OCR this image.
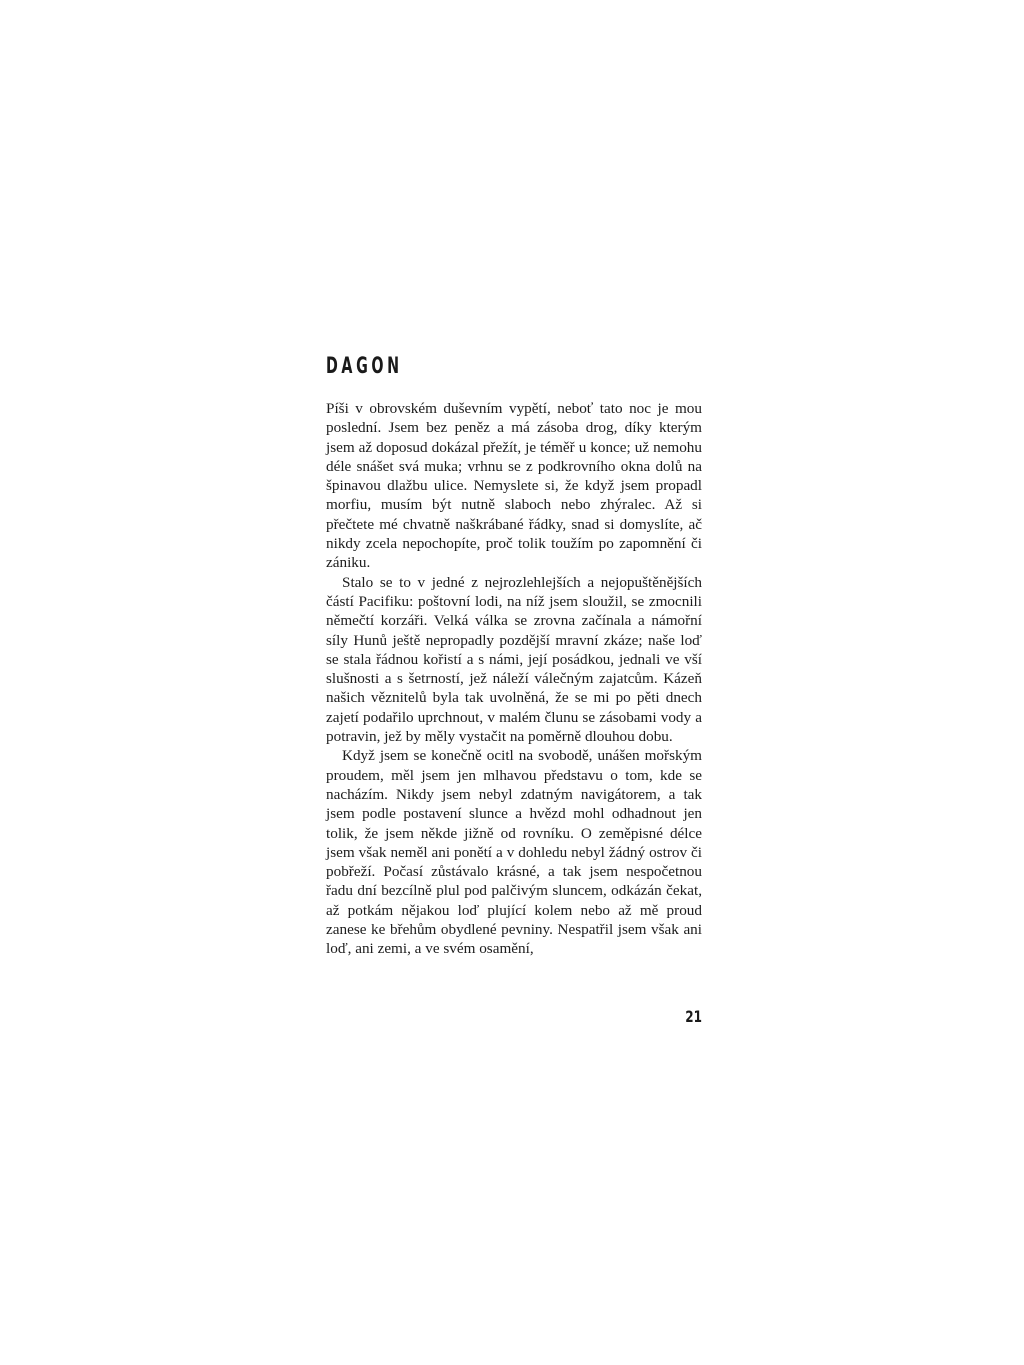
DAGON

Píši v obrovském duševním vypětí, neboť tato noc je mou poslední. Jsem bez peněz a má zásoba drog, díky kterým jsem až doposud dokázal přežít, je téměř u konce; už nemohu déle snášet svá muka; vrhnu se z podkrovního okna dolů na špinavou dlažbu ulice. Nemyslete si, že když jsem propadl morfiu, musím být nutně slaboch nebo zhýralec. Až si přečtete mé chvatně naškrábané řádky, snad si domyslíte, ač nikdy zcela nepochopíte, proč tolik toužím po zapomnění či zániku.

Stalo se to v jedné z nejrozlehlejších a nejopuštěnějších částí Pacifiku: poštovní lodi, na níž jsem sloužil, se zmocnili němečtí korzáři. Velká válka se zrovna začínala a námořní síly Hunů ještě nepropadly pozdější mravní zkáze; naše loď se stala řádnou kořistí a s námi, její posádkou, jednali ve vší slušnosti a s šetrností, jež náleží válečným zajatcům. Kázeň našich věznitelů byla tak uvolněná, že se mi po pěti dnech zajetí podařilo uprchnout, v malém člunu se zásobami vody a potravin, jež by měly vystačit na poměrně dlouhou dobu.

Když jsem se konečně ocitl na svobodě, unášen mořským proudem, měl jsem jen mlhavou představu o tom, kde se nacházím. Nikdy jsem nebyl zdatným navigátorem, a tak jsem podle postavení slunce a hvězd mohl odhadnout jen tolik, že jsem někde jižně od rovníku. O zeměpisné délce jsem však neměl ani ponětí a v dohledu nebyl žádný ostrov či pobřeží. Počasí zůstávalo krásné, a tak jsem nespočetnou řadu dní bezcílně plul pod palčivým sluncem, odkázán čekat, až potkám nějakou loď plující kolem nebo až mě proud zanese ke břehům obydlené pevniny. Nespatřil jsem však ani loď, ani zemi, a ve svém osamění,

21
